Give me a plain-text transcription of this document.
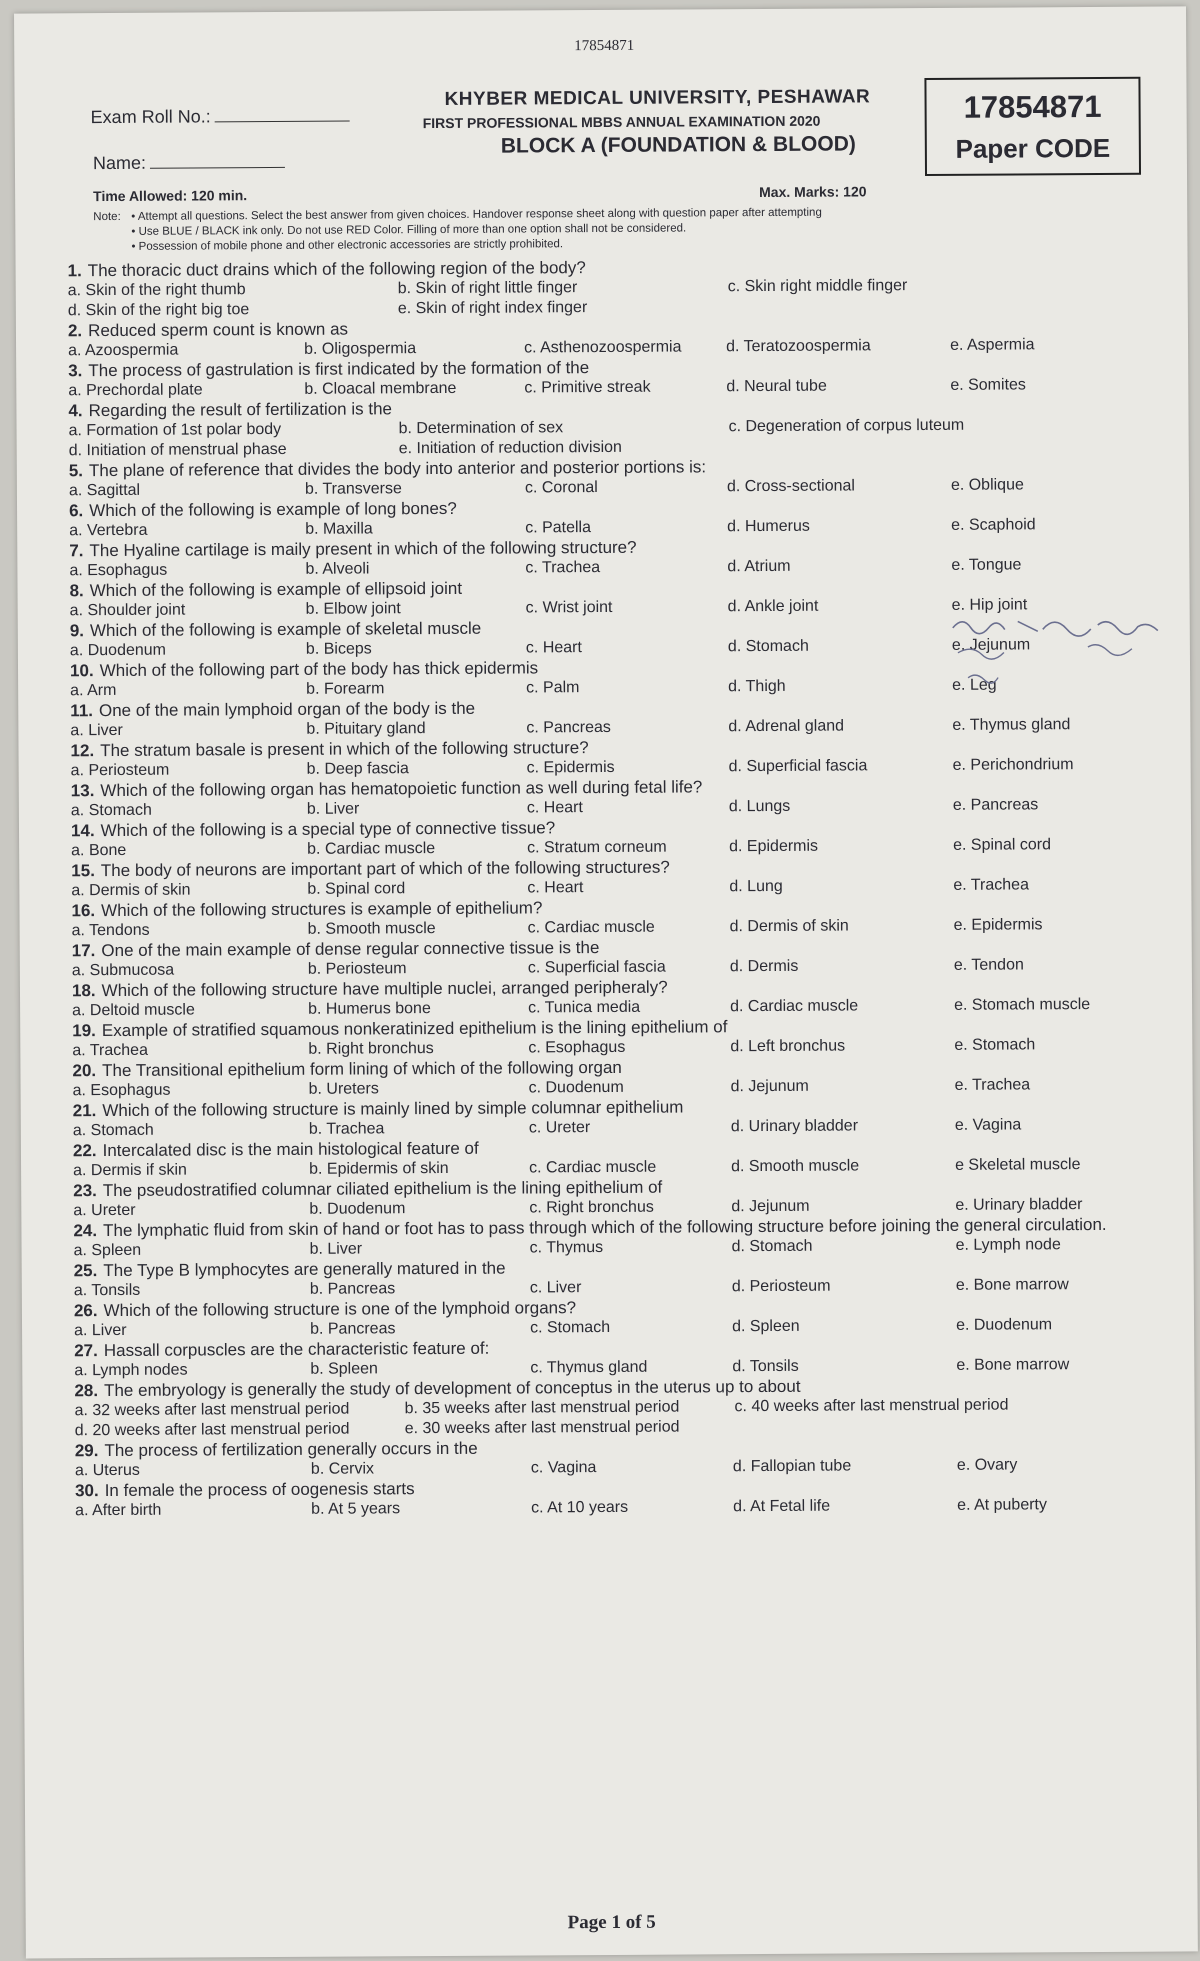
17854871
KHYBER MEDICAL UNIVERSITY, PESHAWAR
FIRST PROFESSIONAL MBBS ANNUAL EXAMINATION 2020
BLOCK A (FOUNDATION & BLOOD)
Exam Roll No.:
Name:
17854871
Paper CODE
Time Allowed: 120 min.	Max. Marks: 120
Note: • Attempt all questions. Select the best answer from given choices. Handover response sheet along with question paper after attempting
• Use BLUE / BLACK ink only. Do not use RED Color. Filling of more than one option shall not be considered.
• Possession of mobile phone and other electronic accessories are strictly prohibited.
1. The thoracic duct drains which of the following region of the body?
a. Skin of the right thumb	b. Skin of right little finger	c. Skin right middle finger
d. Skin of the right big toe	e. Skin of right index finger
2. Reduced sperm count is known as
a. Azoospermia	b. Oligospermia	c. Asthenozoospermia	d. Teratozoospermia	e. Aspermia
3. The process of gastrulation is first indicated by the formation of the
a. Prechordal plate	b. Cloacal membrane	c. Primitive streak	d. Neural tube	e. Somites
4. Regarding the result of fertilization is the
a. Formation of 1st polar body	b. Determination of sex	c. Degeneration of corpus luteum
d. Initiation of menstrual phase	e. Initiation of reduction division
5. The plane of reference that divides the body into anterior and posterior portions is:
a. Sagittal	b. Transverse	c. Coronal	d. Cross-sectional	e. Oblique
6. Which of the following is example of long bones?
a. Vertebra	b. Maxilla	c. Patella	d. Humerus	e. Scaphoid
7. The Hyaline cartilage is maily present in which of the following structure?
a. Esophagus	b. Alveoli	c. Trachea	d. Atrium	e. Tongue
8. Which of the following is example of ellipsoid joint
a. Shoulder joint	b. Elbow joint	c. Wrist joint	d. Ankle joint	e. Hip joint
9. Which of the following is example of skeletal muscle
a. Duodenum	b. Biceps	c. Heart	d. Stomach	e. Jejunum
10. Which of the following part of the body has thick epidermis
a. Arm	b. Forearm	c. Palm	d. Thigh	e. Leg
11. One of the main lymphoid organ of the body is the
a. Liver	b. Pituitary gland	c. Pancreas	d. Adrenal gland	e. Thymus gland
12. The stratum basale is present in which of the following structure?
a. Periosteum	b. Deep fascia	c. Epidermis	d. Superficial fascia	e. Perichondrium
13. Which of the following organ has hematopoietic function as well during fetal life?
a. Stomach	b. Liver	c. Heart	d. Lungs	e. Pancreas
14. Which of the following is a special type of connective tissue?
a. Bone	b. Cardiac muscle	c. Stratum corneum	d. Epidermis	e. Spinal cord
15. The body of neurons are important part of which of the following structures?
a. Dermis of skin	b. Spinal cord	c. Heart	d. Lung	e. Trachea
16. Which of the following structures is example of epithelium?
a. Tendons	b. Smooth muscle	c. Cardiac muscle	d. Dermis of skin	e. Epidermis
17. One of the main example of dense regular connective tissue is the
a. Submucosa	b. Periosteum	c. Superficial fascia	d. Dermis	e. Tendon
18. Which of the following structure have multiple nuclei, arranged peripheraly?
a. Deltoid muscle	b. Humerus bone	c. Tunica media	d. Cardiac muscle	e. Stomach muscle
19. Example of stratified squamous nonkeratinized epithelium is the lining epithelium of
a. Trachea	b. Right bronchus	c. Esophagus	d. Left bronchus	e. Stomach
20. The Transitional epithelium form lining of which of the following organ
a. Esophagus	b. Ureters	c. Duodenum	d. Jejunum	e. Trachea
21. Which of the following structure is mainly lined by simple columnar epithelium
a. Stomach	b. Trachea	c. Ureter	d. Urinary bladder	e. Vagina
22. Intercalated disc is the main histological feature of
a. Dermis if skin	b. Epidermis of skin	c. Cardiac muscle	d. Smooth muscle	e Skeletal muscle
23. The pseudostratified columnar ciliated epithelium is the lining epithelium of
a. Ureter	b. Duodenum	c. Right bronchus	d. Jejunum	e. Urinary bladder
24. The lymphatic fluid from skin of hand or foot has to pass through which of the following structure before joining the general circulation.
a. Spleen	b. Liver	c. Thymus	d. Stomach	e. Lymph node
25. The Type B lymphocytes are generally matured in the
a. Tonsils	b. Pancreas	c. Liver	d. Periosteum	e. Bone marrow
26. Which of the following structure is one of the lymphoid organs?
a. Liver	b. Pancreas	c. Stomach	d. Spleen	e. Duodenum
27. Hassall corpuscles are the characteristic feature of:
a. Lymph nodes	b. Spleen	c. Thymus gland	d. Tonsils	e. Bone marrow
28. The embryology is generally the study of development of conceptus in the uterus up to about
a. 32 weeks after last menstrual period	b. 35 weeks after last menstrual period	c. 40 weeks after last menstrual period
d. 20 weeks after last menstrual period	e. 30 weeks after last menstrual period
29. The process of fertilization generally occurs in the
a. Uterus	b. Cervix	c. Vagina	d. Fallopian tube	e. Ovary
30. In female the process of oogenesis starts
a. After birth	b. At 5 years	c. At 10 years	d. At Fetal life	e. At puberty
Page 1 of 5
